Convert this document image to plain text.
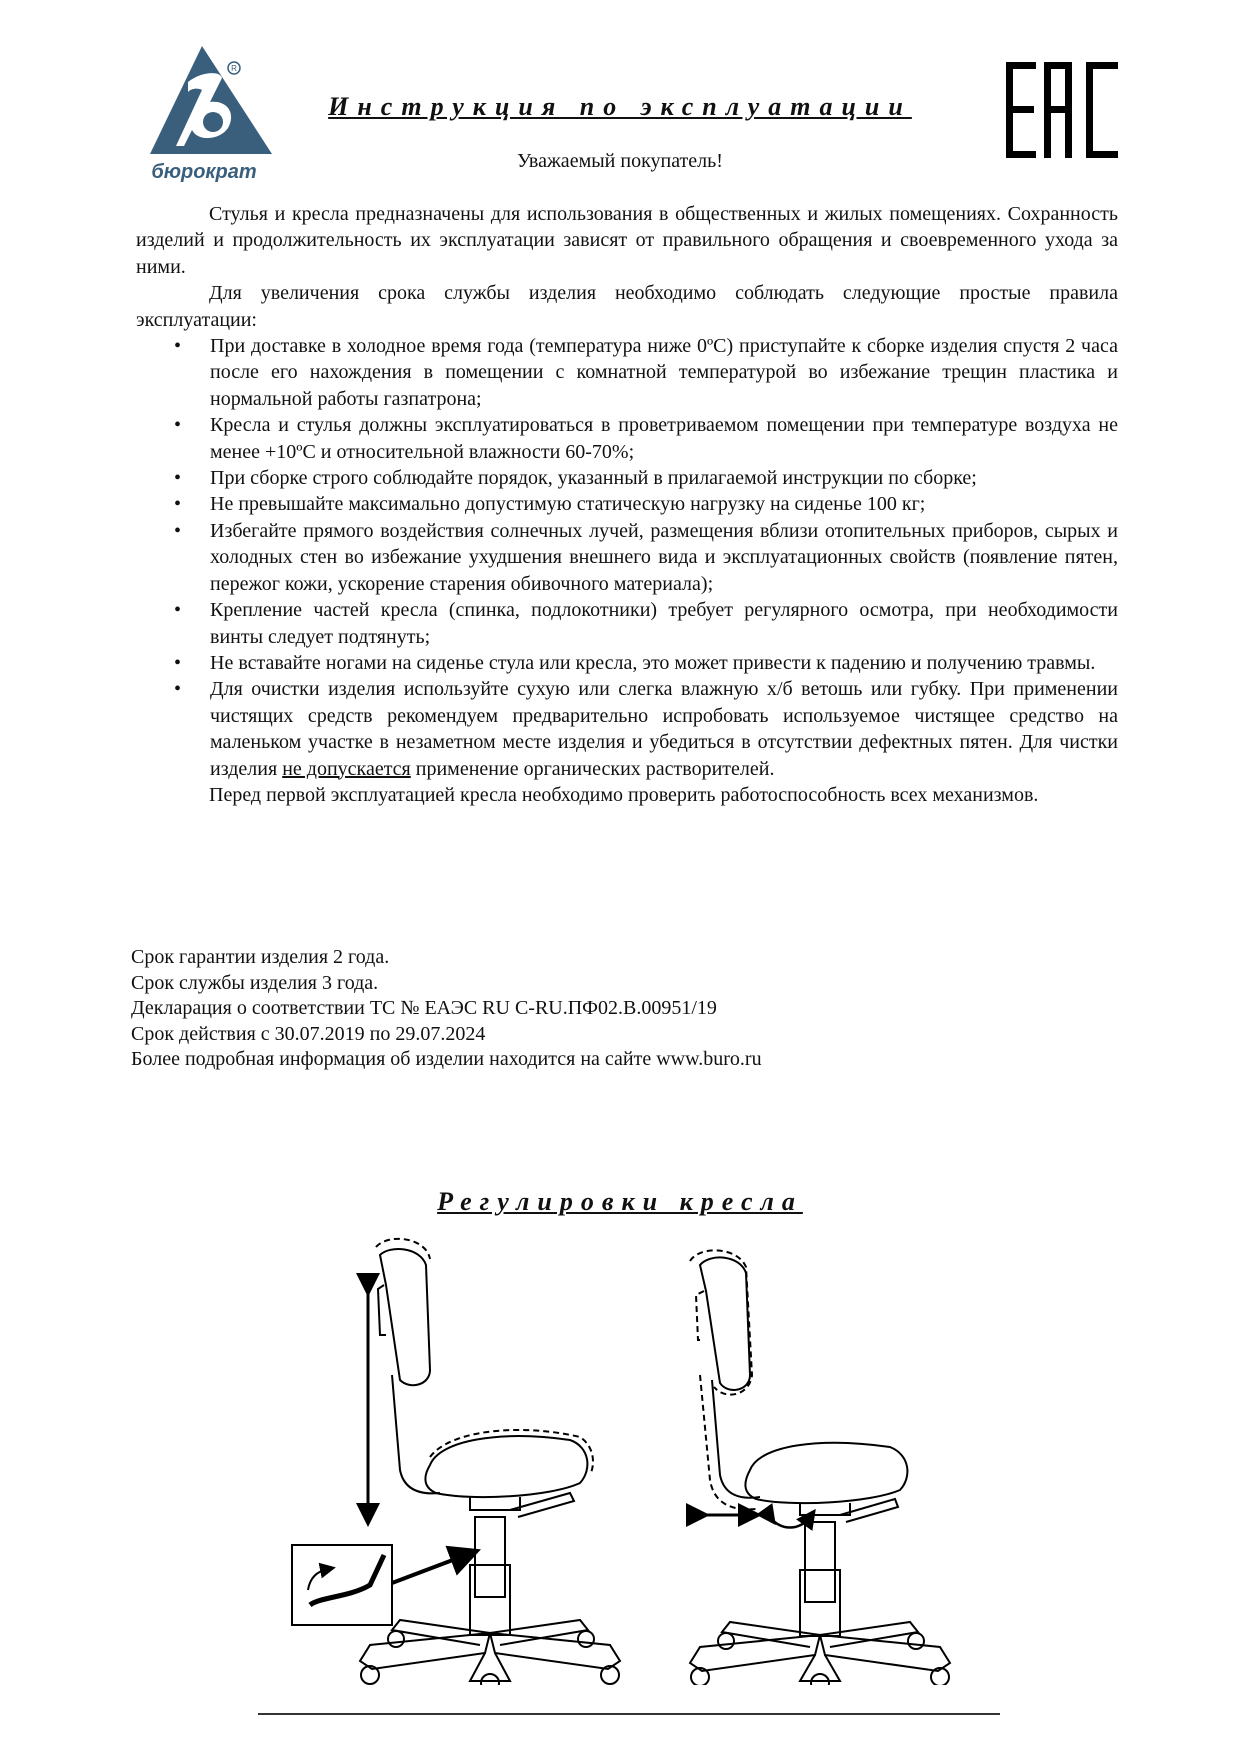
R
бюрократ
Инструкция по эксплуатации
Уважаемый покупатель!

Стулья и кресла предназначены для использования в общественных и жилых помещениях. Сохранность изделий и продолжительность их эксплуатации зависят от правильного обращения и своевременного ухода за ними.

Для увеличения срока службы изделия необходимо соблюдать следующие простые правила эксплуатации:

• При доставке в холодное время года (температура ниже 0ºC) приступайте к сборке изделия спустя 2 часа после его нахождения в помещении с комнатной температурой во избежание трещин пластика и нормальной работы газпатрона;
• Кресла и стулья должны эксплуатироваться в проветриваемом помещении при температуре воздуха не менее +10ºC и относительной влажности 60-70%;
• При сборке строго соблюдайте порядок, указанный в прилагаемой инструкции по сборке;
• Не превышайте максимально допустимую статическую нагрузку на сиденье 100 кг;
• Избегайте прямого воздействия солнечных лучей, размещения вблизи отопительных приборов, сырых и холодных стен во избежание ухудшения внешнего вида и эксплуатационных свойств (появление пятен, пережог кожи, ускорение старения обивочного материала);
• Крепление частей кресла (спинка, подлокотники) требует регулярного осмотра, при необходимости винты следует подтянуть;
• Не вставайте ногами на сиденье стула или кресла, это может привести к падению и получению травмы.
• Для очистки изделия используйте сухую или слегка влажную х/б ветошь или губку. При применении чистящих средств рекомендуем предварительно испробовать используемое чистящее средство на маленьком участке в незаметном месте изделия и убедиться в отсутствии дефектных пятен. Для чистки изделия не допускается применение органических растворителей.

Перед первой эксплуатацией кресла необходимо проверить работоспособность всех механизмов.

Срок гарантии изделия 2 года.
Срок службы изделия 3 года.
Декларация о соответствии ТС № ЕАЭС RU С-RU.ПФ02.В.00951/19
Срок действия с 30.07.2019 по 29.07.2024
Более подробная информация об изделии находится на сайте www.buro.ru
Регулировки кресла
